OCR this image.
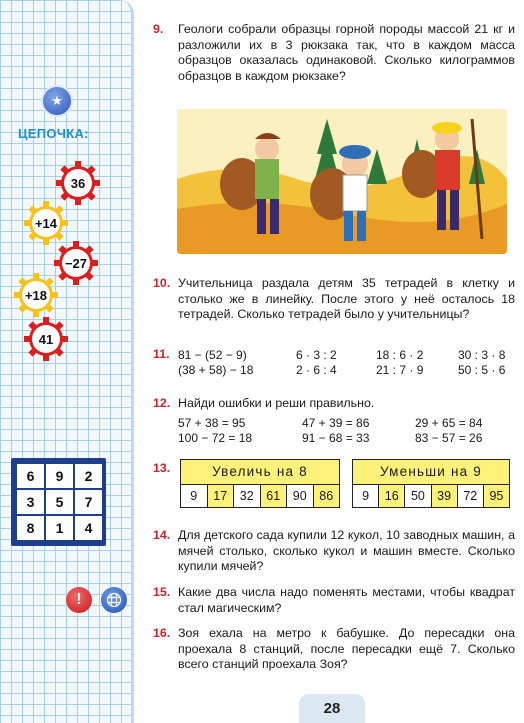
★
ЦЕПОЧКА:
36
+14
−27
+18
41
6	9	2
3	5	7
8	1	4
!
9. Геологи собрали образцы горной породы массой 21 кг и разложили их в 3 рюкзака так, что в каждом масса образцов оказалась одинаковой. Сколько килограммов образцов в каждом рюкзаке?
10. Учительница раздала детям 35 тетрадей в клетку и столько же в линейку. После этого у неё осталось 18 тетрадей. Сколько тетрадей было у учительницы?
11. 81 − (52 − 9)	6 · 3 : 2	18 : 6 · 2	30 : 3 · 8
(38 + 58) − 18	2 · 6 : 4	21 : 7 · 9	50 : 5 · 6
12. Найди ошибки и реши правильно.
57 + 38 = 95	47 + 39 = 86	29 + 65 = 84
100 − 72 = 18	91 − 68 = 33	83 − 57 = 26
13.	Увеличь на 8
9	17	32	61	90	86
Уменьши на 9
9	16 50 39 72 95
14. Для детского сада купили 12 кукол, 10 заводных машин, а мячей столько, сколько кукол и машин вместе. Сколько купили мячей?
15. Какие два числа надо поменять местами, чтобы квадрат стал магическим?
16. Зоя ехала на метро к бабушке. До пересадки она проехала 8 станций, после пересадки ещё 7. Сколько всего станций проехала Зоя?
28
